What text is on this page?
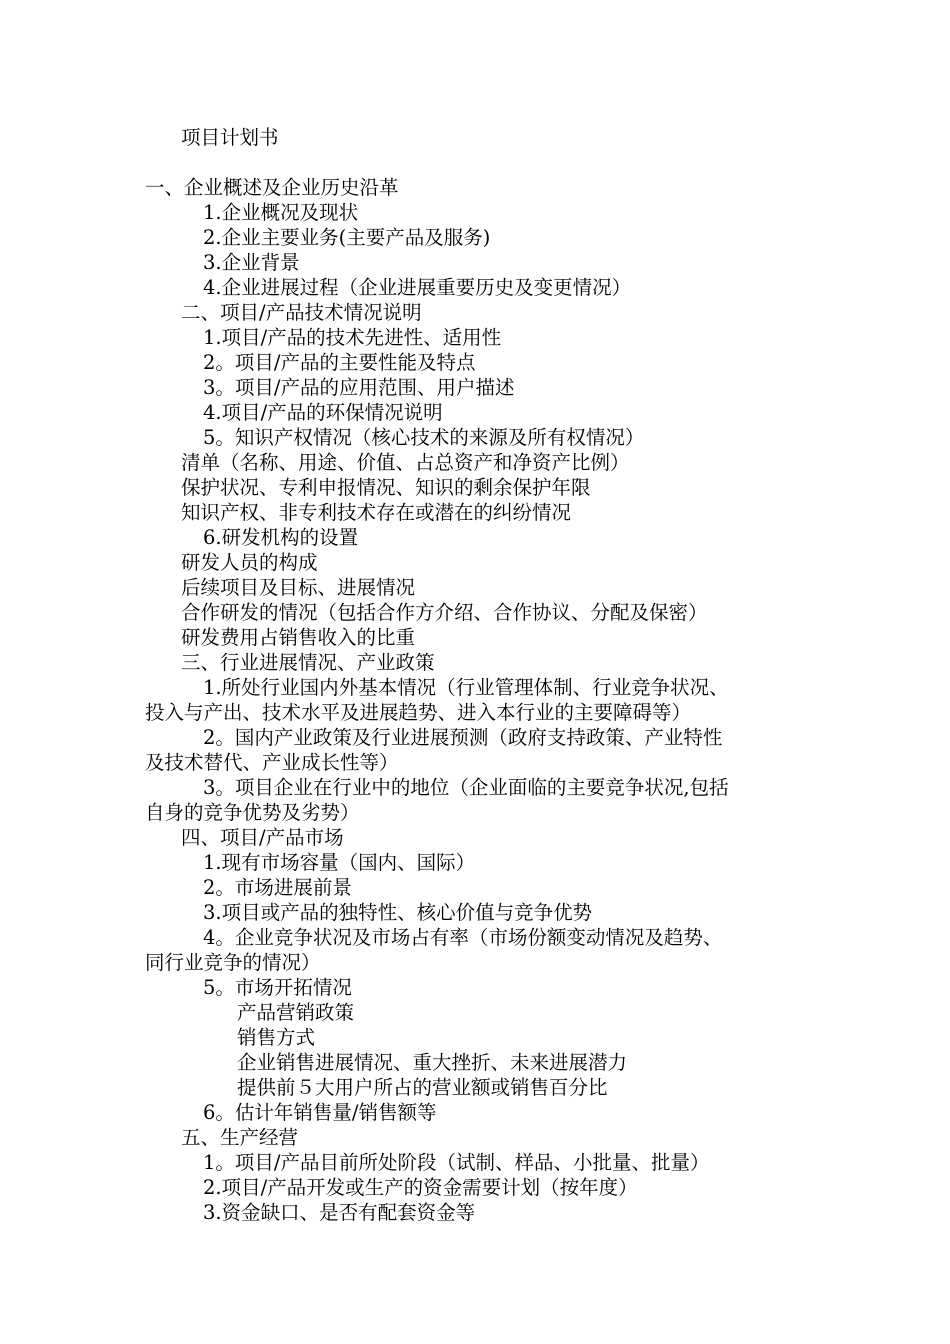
项目计划书
一、企业概述及企业历史沿革
1.企业概况及现状
2.企业主要业务(主要产品及服务)
3.企业背景
4.企业进展过程（企业进展重要历史及变更情况）
二、项目/产品技术情况说明
1.项目/产品的技术先进性、适用性
2。项目/产品的主要性能及特点
3。项目/产品的应用范围、用户描述
4.项目/产品的环保情况说明
5。知识产权情况（核心技术的来源及所有权情况）
清单（名称、用途、价值、占总资产和净资产比例）
保护状况、专利申报情况、知识的剩余保护年限
知识产权、非专利技术存在或潜在的纠纷情况
6.研发机构的设置
研发人员的构成
后续项目及目标、进展情况
合作研发的情况（包括合作方介绍、合作协议、分配及保密）
研发费用占销售收入的比重
三、行业进展情况、产业政策
1.所处行业国内外基本情况（行业管理体制、行业竞争状况、
投入与产出、技术水平及进展趋势、进入本行业的主要障碍等）
2。国内产业政策及行业进展预测（政府支持政策、产业特性
及技术替代、产业成长性等）
3。项目企业在行业中的地位（企业面临的主要竞争状况,包括
自身的竞争优势及劣势）
四、项目/产品市场
1.现有市场容量（国内、国际）
2。市场进展前景
3.项目或产品的独特性、核心价值与竞争优势
4。企业竞争状况及市场占有率（市场份额变动情况及趋势、
同行业竞争的情况）
5。市场开拓情况
产品营销政策
销售方式
企业销售进展情况、重大挫折、未来进展潜力
提供前５大用户所占的营业额或销售百分比
6。估计年销售量/销售额等
五、生产经营
1。项目/产品目前所处阶段（试制、样品、小批量、批量）
2.项目/产品开发或生产的资金需要计划（按年度）
3.资金缺口、是否有配套资金等
